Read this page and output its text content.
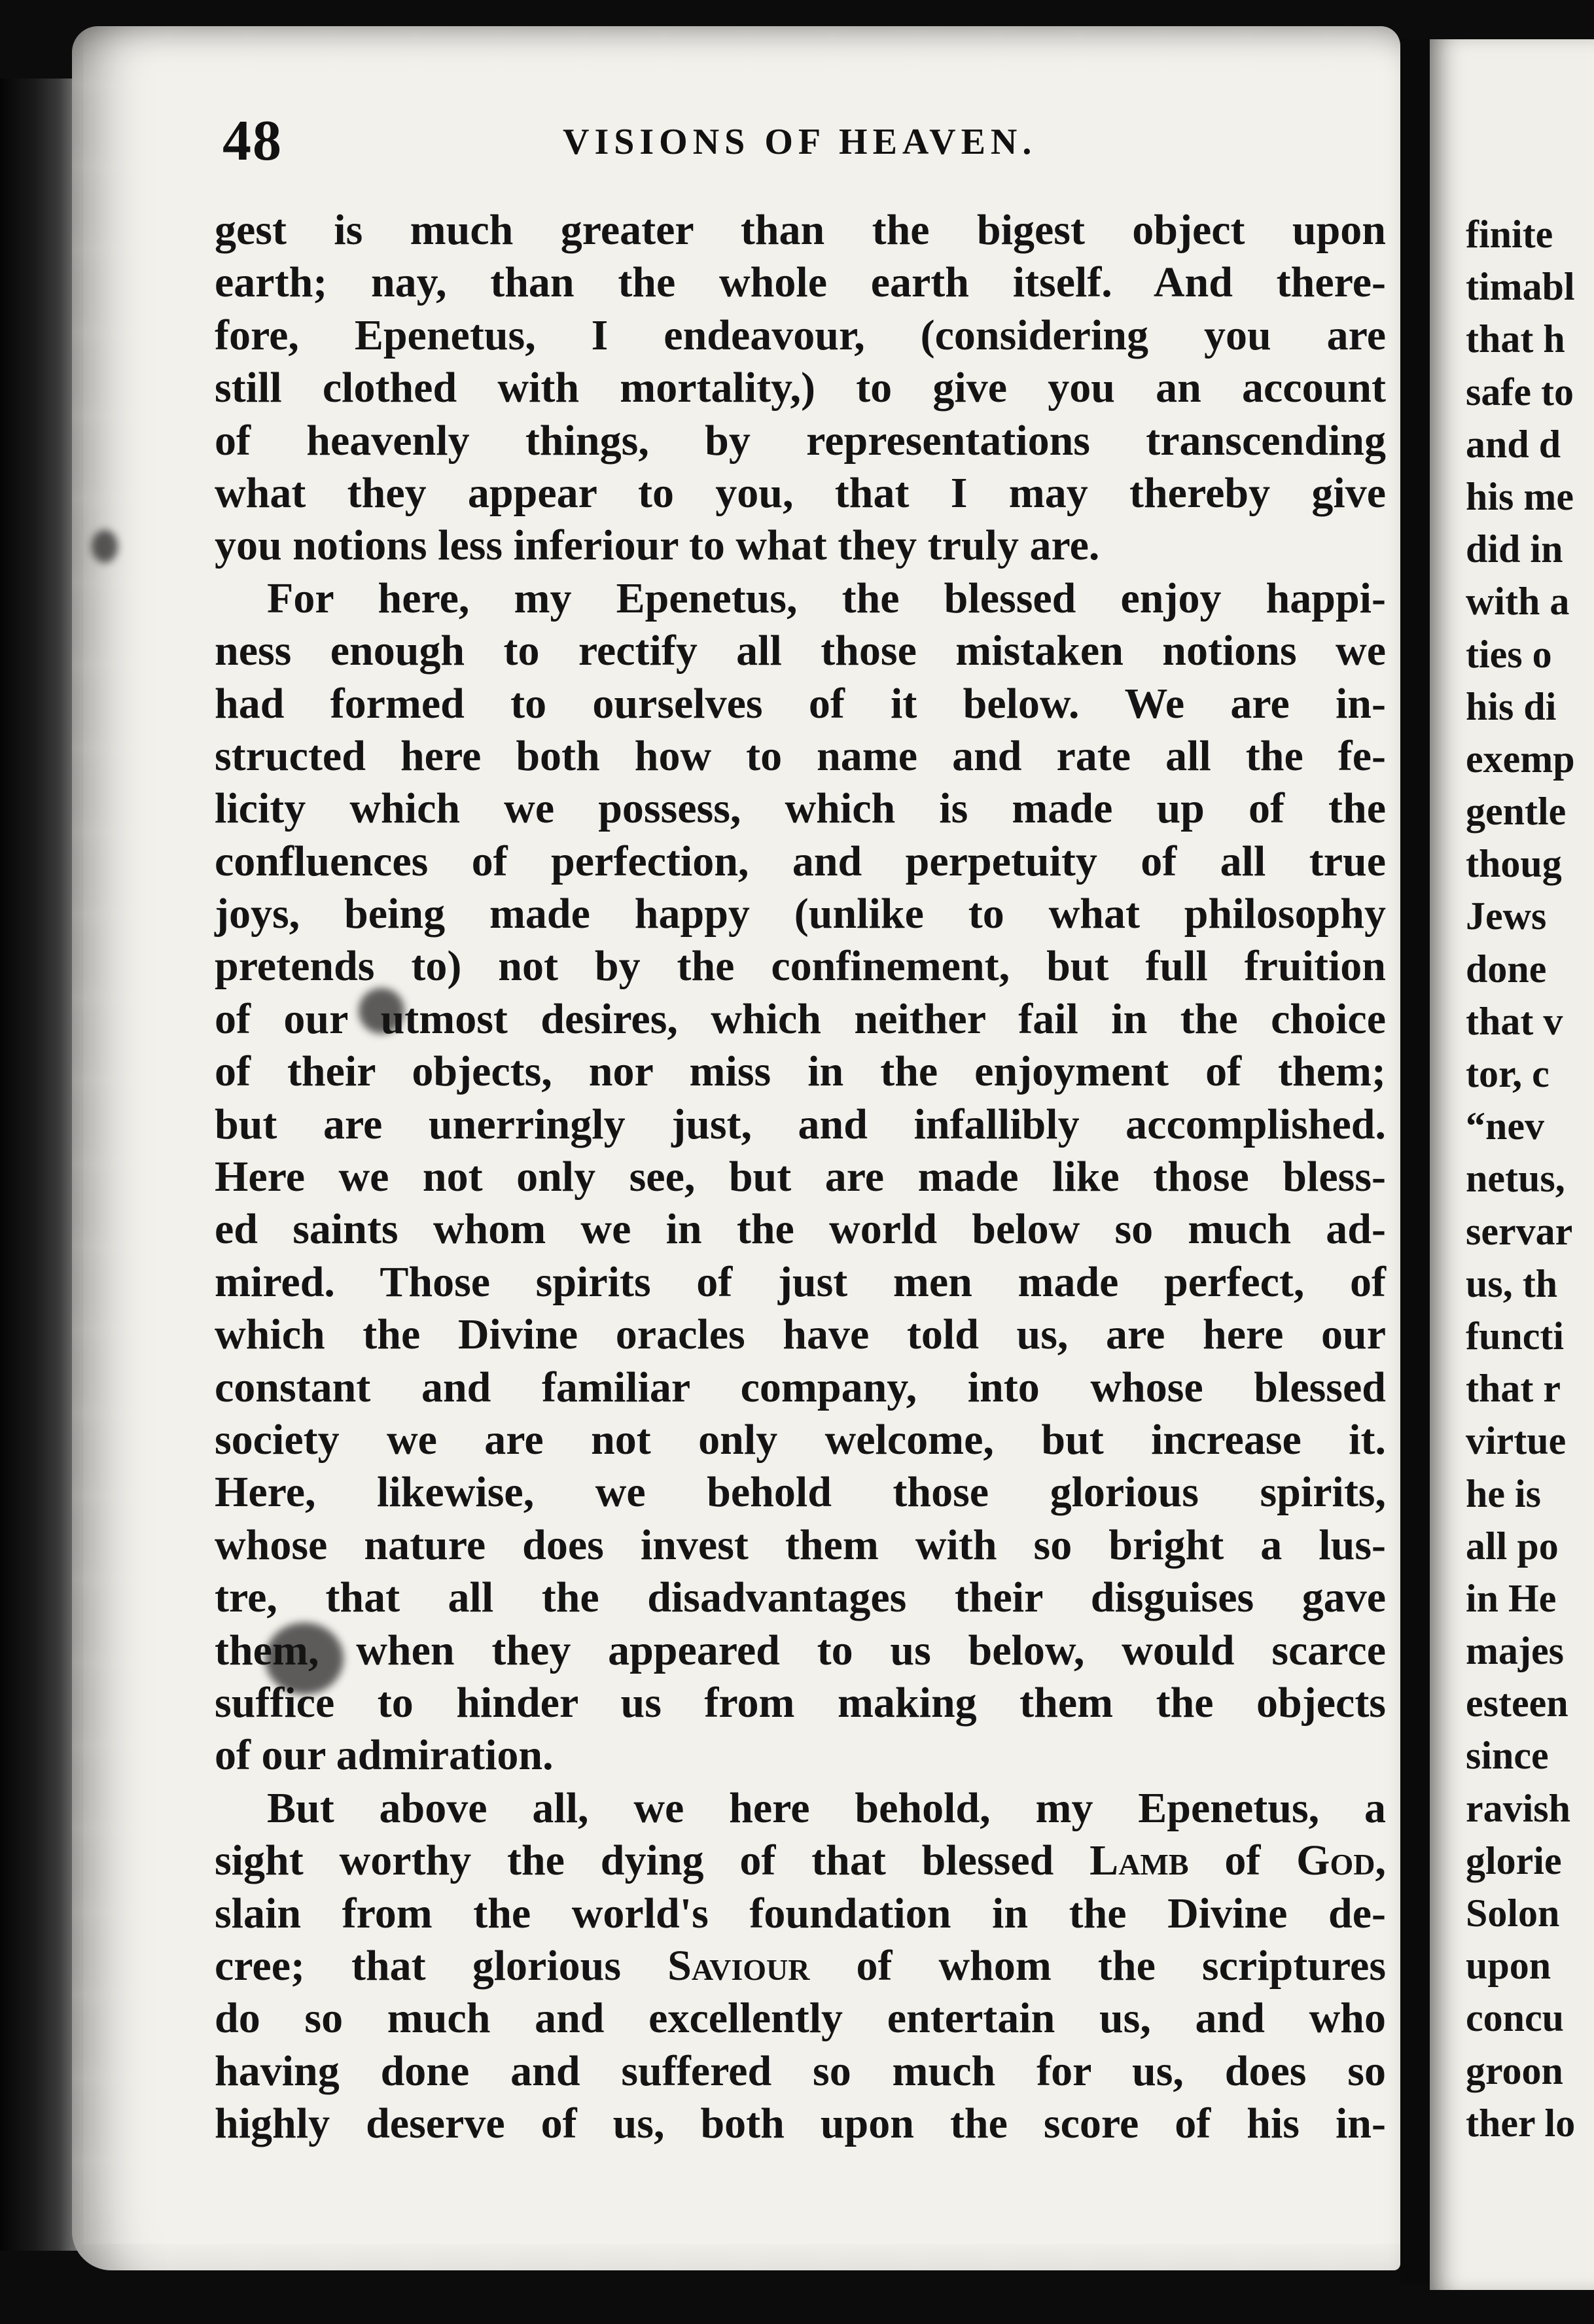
48	VISIONS OF HEAVEN.
gest is much greater than the bigest object upon
earth; nay, than the whole earth itself. And there-
fore, Epenetus, I endeavour, (considering you are
still clothed with mortality,) to give you an account
of heavenly things, by representations transcending
what they appear to you, that I may thereby give
you notions less inferiour to what they truly are.
For here, my Epenetus, the blessed enjoy happi-
ness enough to rectify all those mistaken notions we
had formed to ourselves of it below. We are in-
structed here both how to name and rate all the fe-
licity which we possess, which is made up of the
confluences of perfection, and perpetuity of all true
joys, being made happy (unlike to what philosophy
pretends to) not by the confinement, but full fruition
of our utmost desires, which neither fail in the choice
of their objects, nor miss in the enjoyment of them;
but are unerringly just, and infallibly accomplished.
Here we not only see, but are made like those bless-
ed saints whom we in the world below so much ad-
mired. Those spirits of just men made perfect, of
which the Divine oracles have told us, are here our
constant and familiar company, into whose blessed
society we are not only welcome, but increase it.
Here, likewise, we behold those glorious spirits,
whose nature does invest them with so bright a lus-
tre, that all the disadvantages their disguises gave
them, when they appeared to us below, would scarce
suffice to hinder us from making them the objects
of our admiration.
But above all, we here behold, my Epenetus, a
sight worthy the dying of that blessed Lamb of God,
slain from the world's foundation in the Divine de-
cree; that glorious Saviour of whom the scriptures
do so much and excellently entertain us, and who
having done and suffered so much for us, does so
highly deserve of us, both upon the score of his in-
finite
timabl
that h
safe to
and d
his me
did in
with a
ties o
his di
exemp
gentle
thoug
Jews
done
that v
tor, c
“nev
netus,
servar
us, th
functi
that r
virtue
he is
all po
in He
majes
esteen
since
ravish
glorie
Solon
upon
concu
groon
ther lo
